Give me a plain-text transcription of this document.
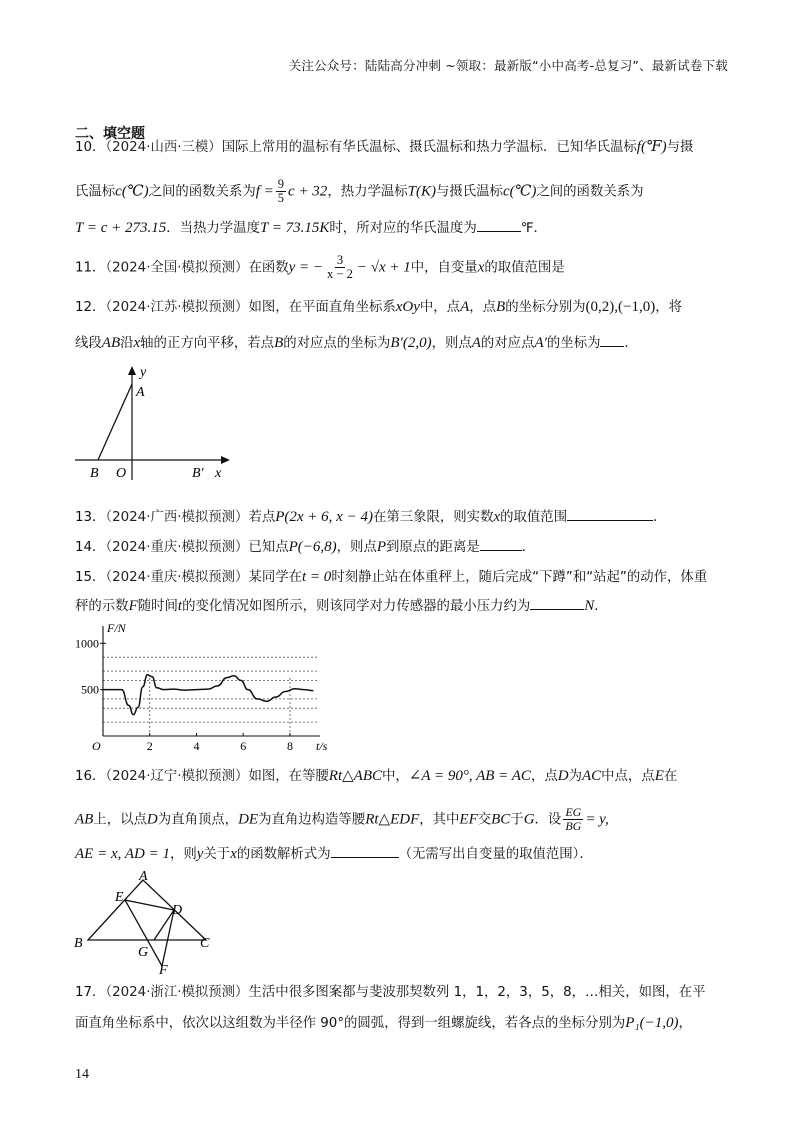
关注公众号：陆陆高分冲刺 ~领取：最新版“小中高考-总复习”、最新试卷下载
二、填空题
10．（2024·山西·三模）国际上常用的温标有华氏温标、摄氏温标和热力学温标．已知华氏温标f(℉)与摄
氏温标c(℃)之间的函数关系为$f = \frac{9}{5}$ c + 32，热力学温标T(K)与摄氏温标c(℃)之间的函数关系为
T = c + 273.15．当热力学温度T = 73.15K时，所对应的华氏温度为	℉．
11．（2024·全国·模拟预测）在函数y = − $\frac{3}{x - 2} - √x + 1$中，自变量x的取值范围是
12．（2024·江苏·模拟预测）如图，在平面直角坐标系xOy中，点A，点B的坐标分别为(0,2),(−1,0)，将
线段AB沿x轴的正方向平移，若点B的对应点的坐标为B′(2,0)，则点A的对应点A′的坐标为 ．
y
A
B O	B′ x
13．（2024·广西·模拟预测）若点P(2x + 6, x − 4)在第三象限，则实数x的取值范围	．
14．（2024·重庆·模拟预测）已知点P(−6,8)，则点P到原点的距离是	．
15．（2024·重庆·模拟预测）某同学在t = 0时刻静止站在体重秤上，随后完成“下蹲”和“站起”的动作，体重
秤的示数F随时间t的变化情况如图所示，则该同学对力传感器的最小压力约为	N．
500
1000
2	4	6	8
F/N
t/s
O
16．（2024·辽宁·模拟预测）如图，在等腰Rt△ABC中，∠A = 90°, AB = AC，点D为AC中点，点E在
AB上，以点D为直角顶点，DE为直角边构造等腰Rt△EDF，其中EF交BC于G．设 $\frac{EG}{BG} = y$,
AE = x, AD = 1，则y关于x的函数解析式为	（无需写出自变量的取值范围）．
A
E
D
B
G
C
F
17．（2024·浙江·模拟预测）生活中很多图案都与斐波那契数列 1，1，2，3，5，8，…相关，如图，在平
面直角坐标系中，依次以这组数为半径作 90°的圆弧，得到一组螺旋线，若各点的坐标分别为P₁(−1,0)，
14
